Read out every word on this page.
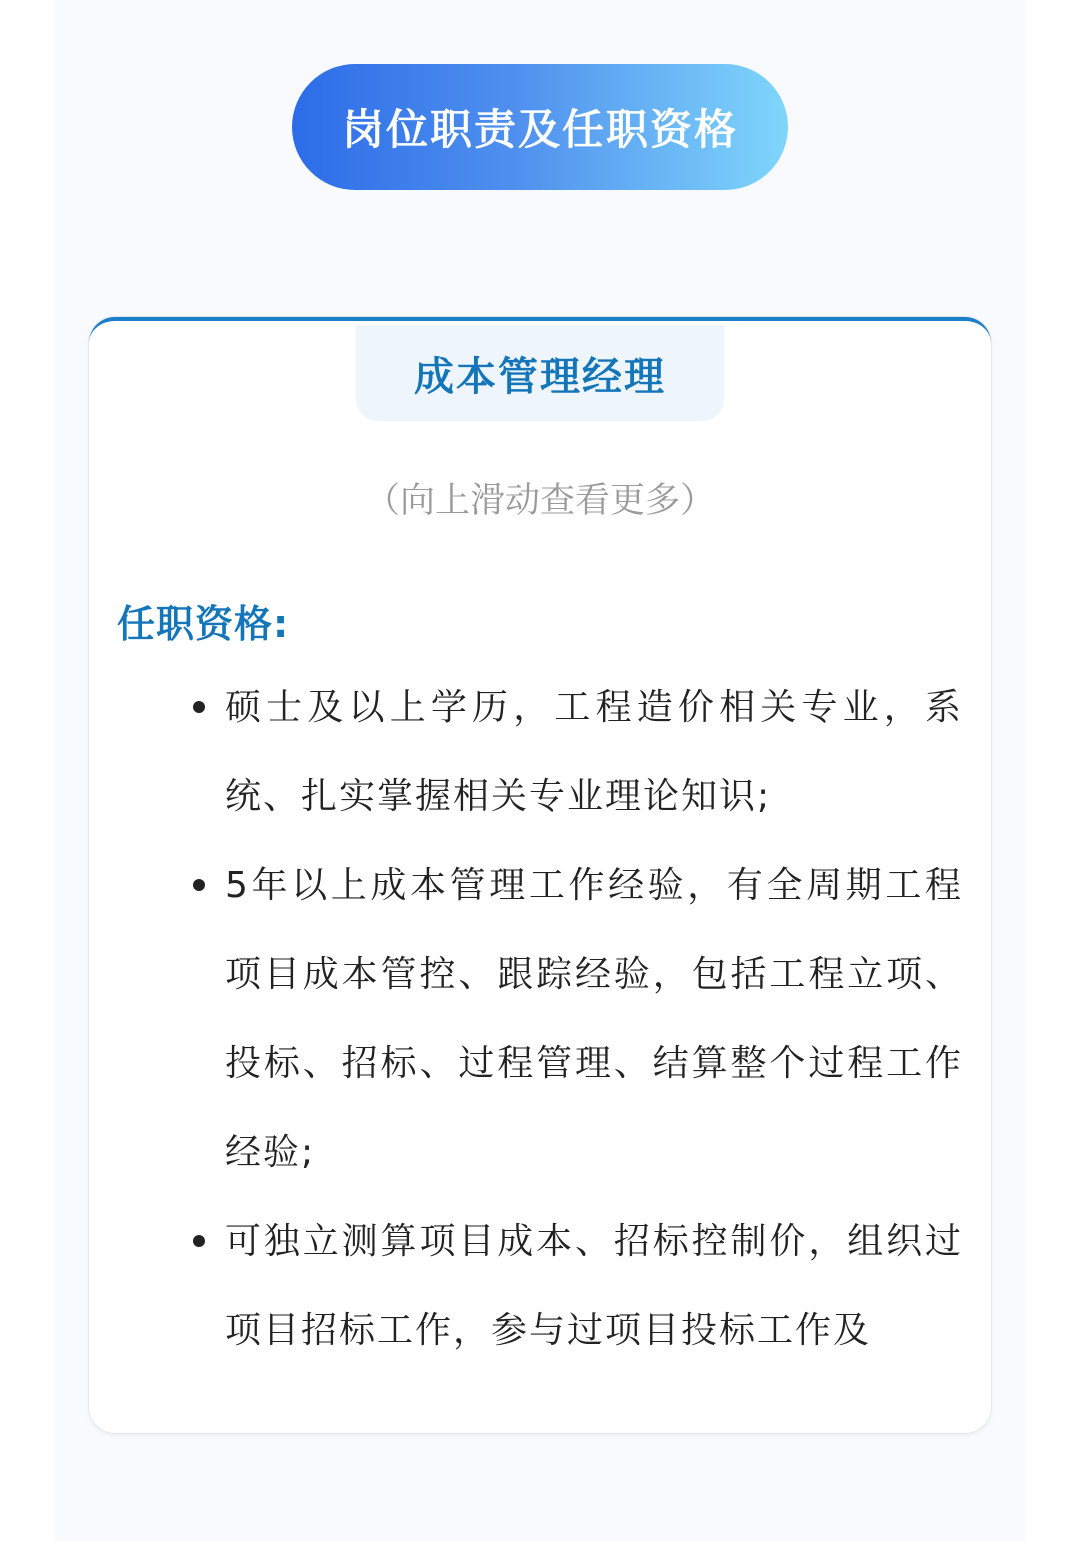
岗位职责及任职资格
成本管理经理
（向上滑动查看更多）
任职资格:
硕士及以上学历，工程造价相关专业，系统、扎实掌握相关专业理论知识;
5年以上成本管理工作经验，有全周期工程项目成本管控、跟踪经验，包括工程立项、投标、招标、过程管理、结算整个过程工作经验;
可独立测算项目成本、招标控制价，组织过项目招标工作，参与过项目投标工作及
